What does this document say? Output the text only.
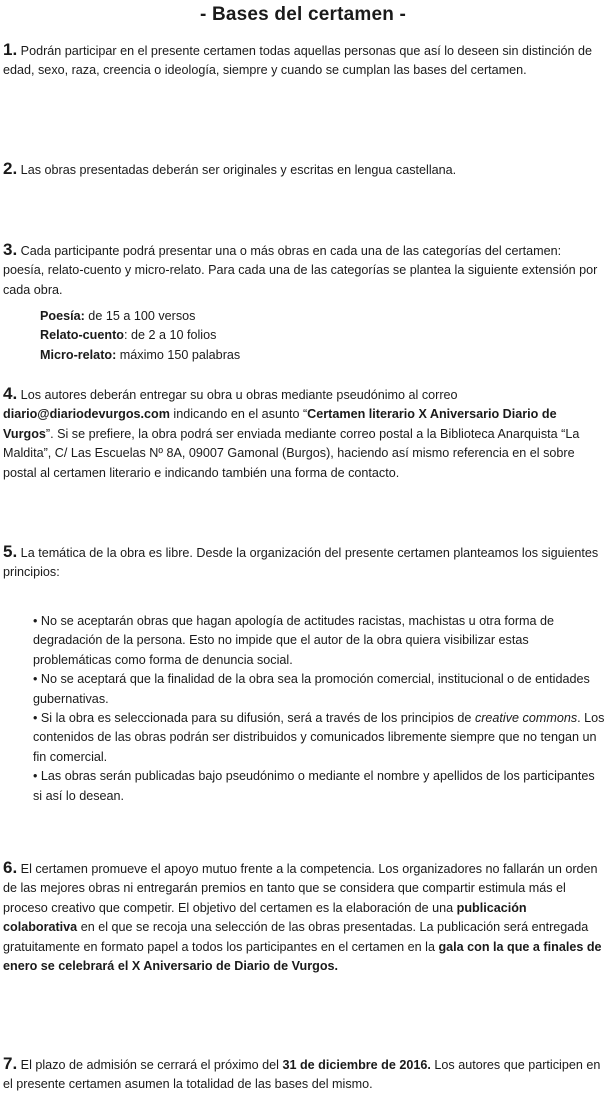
- Bases del certamen -

1. Podrán participar en el presente certamen todas aquellas personas que así lo deseen sin distinción de edad, sexo, raza, creencia o ideología, siempre y cuando se cumplan las bases del certamen.

2. Las obras presentadas deberán ser originales y escritas en lengua castellana.

3. Cada participante podrá presentar una o más obras en cada una de las categorías del certamen: poesía, relato-cuento y micro-relato. Para cada una de las categorías se plantea la siguiente extensión por cada obra.

Poesía: de 15 a 100 versos
Relato-cuento: de 2 a 10 folios
Micro-relato: máximo 150 palabras

4. Los autores deberán entregar su obra u obras mediante pseudónimo al correo diario@diariodevurgos.com indicando en el asunto “Certamen literario X Aniversario Diario de Vurgos”. Si se prefiere, la obra podrá ser enviada mediante correo postal a la Biblioteca Anarquista “La Maldita”, C/ Las Escuelas Nº 8A, 09007 Gamonal (Burgos), haciendo así mismo referencia en el sobre postal al certamen literario e indicando también una forma de contacto.

5. La temática de la obra es libre. Desde la organización del presente certamen planteamos los siguientes principios:

• No se aceptarán obras que hagan apología de actitudes racistas, machistas u otra forma de degradación de la persona. Esto no impide que el autor de la obra quiera visibilizar estas problemáticas como forma de denuncia social.
• No se aceptará que la finalidad de la obra sea la promoción comercial, institucional o de entidades gubernativas.
• Si la obra es seleccionada para su difusión, será a través de los principios de creative commons. Los contenidos de las obras podrán ser distribuidos y comunicados libremente siempre que no tengan un fin comercial.
• Las obras serán publicadas bajo pseudónimo o mediante el nombre y apellidos de los participantes si así lo desean.

6. El certamen promueve el apoyo mutuo frente a la competencia. Los organizadores no fallarán un orden de las mejores obras ni entregarán premios en tanto que se considera que compartir estimula más el proceso creativo que competir. El objetivo del certamen es la elaboración de una publicación colaborativa en el que se recoja una selección de las obras presentadas. La publicación será entregada gratuitamente en formato papel a todos los participantes en el certamen en la gala con la que a finales de enero se celebrará el X Aniversario de Diario de Vurgos.

7. El plazo de admisión se cerrará el próximo del 31 de diciembre de 2016. Los autores que participen en el presente certamen asumen la totalidad de las bases del mismo.
